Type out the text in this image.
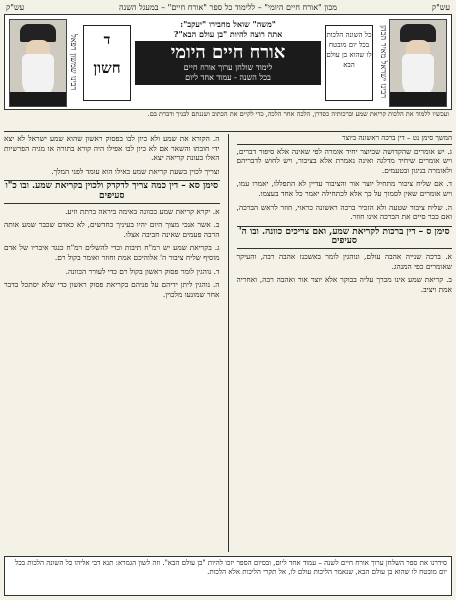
עש"ק
מכון "אורח חיים היומי" – ללימוד כל ספר "אורח חיים" – במעגל השנה
עש"ק
רבינו ישראל מאיר הכהן
כל השונה הלכות בכל יום מובטח לו שהוא בן עולם הבא
"משה" שואל מחבירו "יעקב":
אתה רוצה להיות "בן עולם הבא"?
אורח חיים היומי
לימוד שולחן ערוך אורח חיים
בכל השנה - עמוד אחד ליום
ד
חשון
רבינו שמשון רפאל
ועכשיו ללמוד את הלכות קריאת שמע וברכותיה כסדרן, הלכה אחר הלכה, כדי לקיים את הכתוב ושננתם לבניך ודברת בם.
המשך סימן נט – דין ברכה ראשונה ביוצר

ג. יש אומרים שהקדושה שביוצר יחיד אומרה לפי שאינה אלא סיפור דברים, ויש אומרים שיחיד מדלגה ואינה נאמרת אלא בציבור, ויש לחוש לדבריהם ולאומרה בניגון ובטעמים.

ד. אם שליח ציבור מתחיל יוצר אור והציבור עדיין לא התפללו, יאמרו עמו, ויש אומרים שאין לסמוך על כך אלא לכתחילה יאמר כל אחד בעצמו.

ה. שליח ציבור שטעה ולא הזכיר ברכה ראשונה כראוי, חוזר לראש הברכה, ואם כבר סיים את הברכה אינו חוזר.

סימן ס – דין ברכות לקריאת שמע, ואם צריכים כוונה. ובו ה' סעיפים

א. ברכה שנייה אהבה עולם, ונוהגין לומר באשכנז אהבה רבה, והעיקר שאומרים כפי המנהג.

ב. קריאת שמע אינו מברך עליה בבוקר אלא יוצר אור ואהבה רבה, ואחריה אמת ויציב.

ה. הקורא את שמע ולא כיון לבו בפסוק ראשון שהוא שמע ישראל לא יצא ידי חובתו והשאר אם לא כיון לבו אפילו היה קורא בתורה או מגיה הפרשיות האלו בעונת קריאה יצא.

וצריך לכוין בשעת קריאת שמע כאילו הוא עומד לפני המלך.

סימן סא – דין כמה צריך לדקדק ולכוין בקריאת שמע. ובו כ"ו סעיפים

א. יקרא קריאת שמע בכוונה באימה ביראה ברתת וזיע.

ב. אשר אנכי מצוך היום יהיו בעיניך כחדשים, לא כאדם שכבר שמע אותה הרבה פעמים שאינה חביבה אצלו.

ג. בקריאת שמע יש רמ"ח תיבות וכדי להשלים רמ"ח כנגד איבריו של אדם מוסיף שליח ציבור ה' אלוהיכם אמת וחוזר ואומר בקול רם.

ד. נוהגין לומר פסוק ראשון בקול רם כדי לעורר הכוונה.

ה. נוהגין ליתן ידיהם על פניהם בקריאת פסוק ראשון כדי שלא יסתכל בדבר אחר שמונעו מלכוין.

סידרנו את ספר השלחן ערוך אורח חיים לשנה – עמוד אחד ליום, ובסיום הספר יזכו להיות "בן עולם הבא". וזה לשון הגמרא: תנא דבי אליהו כל השונה הלכות בכל יום מובטח לו שהוא בן עולם הבא, שנאמר הליכות עולם לו, אל תקרי הליכות אלא הלכות.
